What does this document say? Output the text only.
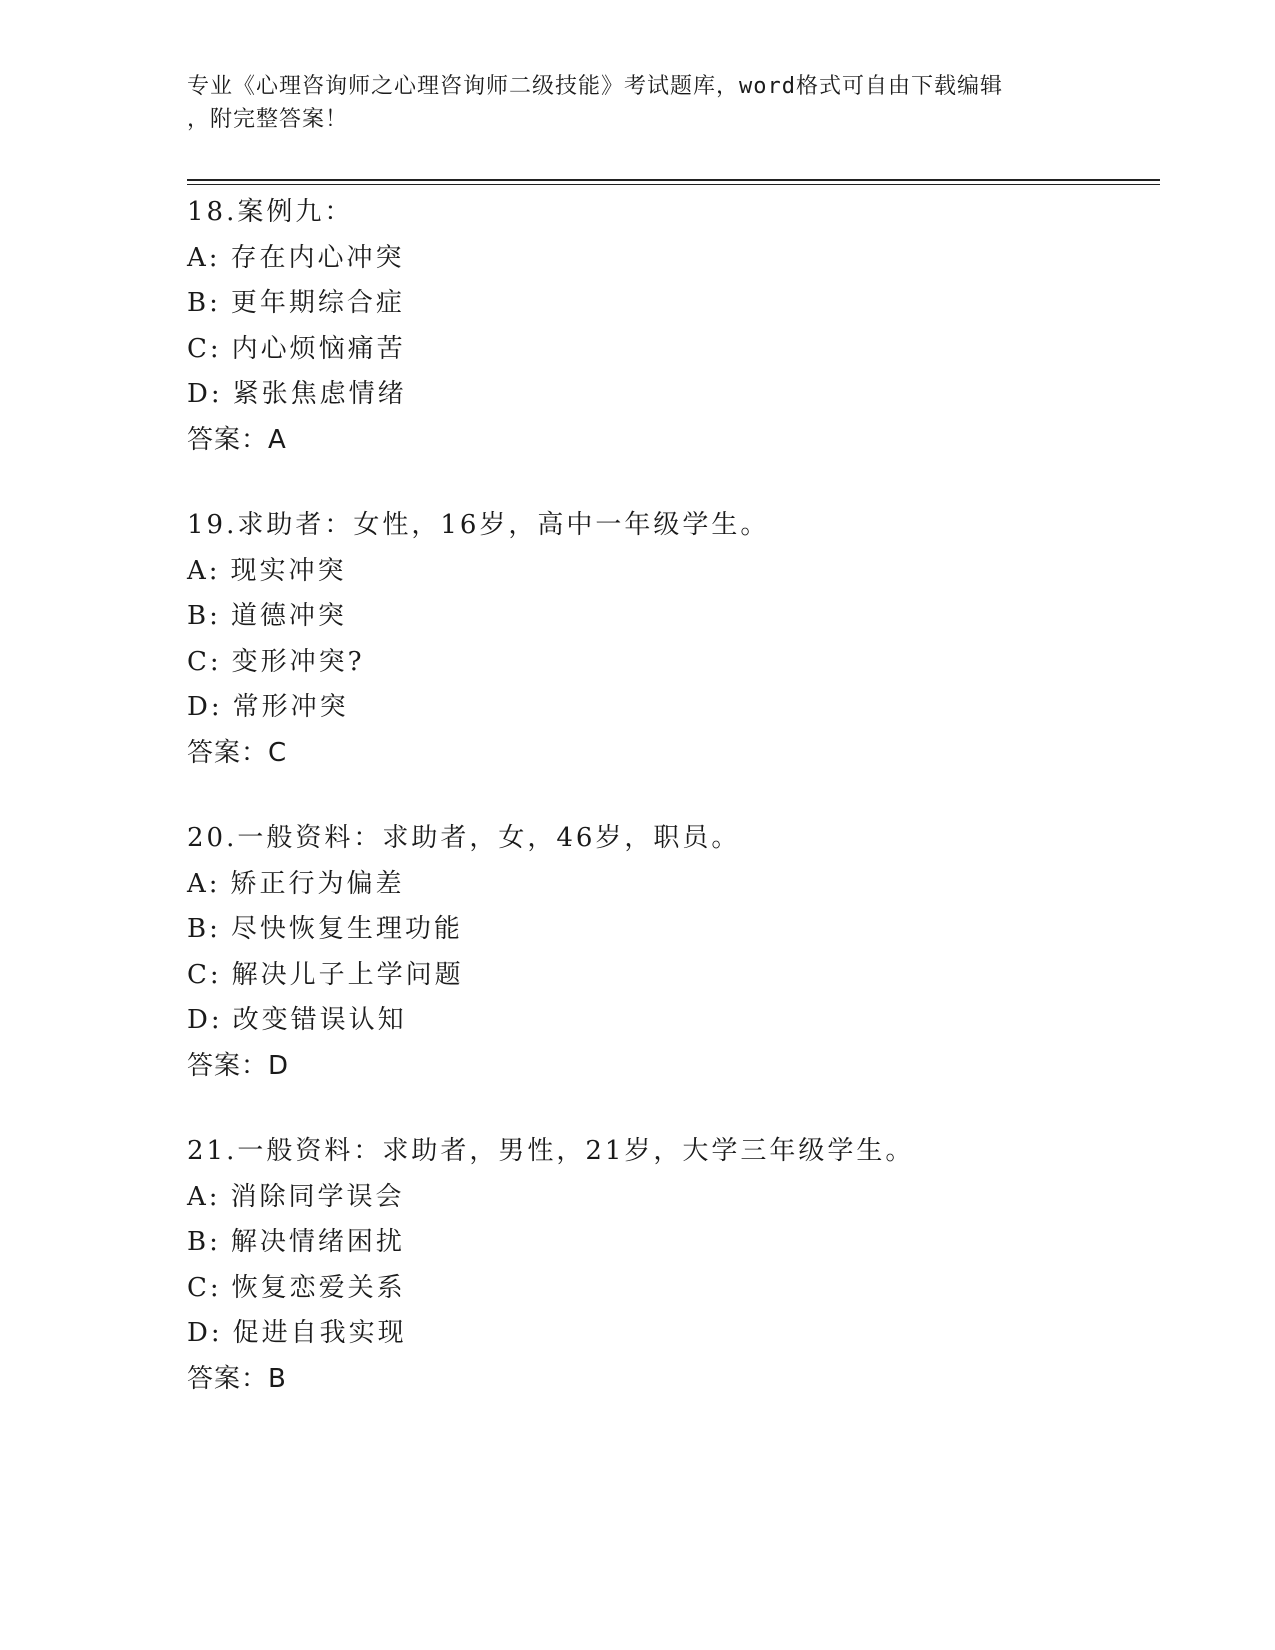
专业《心理咨询师之心理咨询师二级技能》考试题库，word格式可自由下载编辑
，附完整答案！
18.案例九：
A: 存在内心冲突
B: 更年期综合症
C: 内心烦恼痛苦
D: 紧张焦虑情绪
答案：A
19.求助者：女性，16岁，高中一年级学生。
A: 现实冲突
B: 道德冲突
C: 变形冲突?
D: 常形冲突
答案：C
20.一般资料：求助者，女，46岁，职员。
A: 矫正行为偏差
B: 尽快恢复生理功能
C: 解决儿子上学问题
D: 改变错误认知
答案：D
21.一般资料：求助者，男性，21岁，大学三年级学生。
A: 消除同学误会
B: 解决情绪困扰
C: 恢复恋爱关系
D: 促进自我实现
答案：B
